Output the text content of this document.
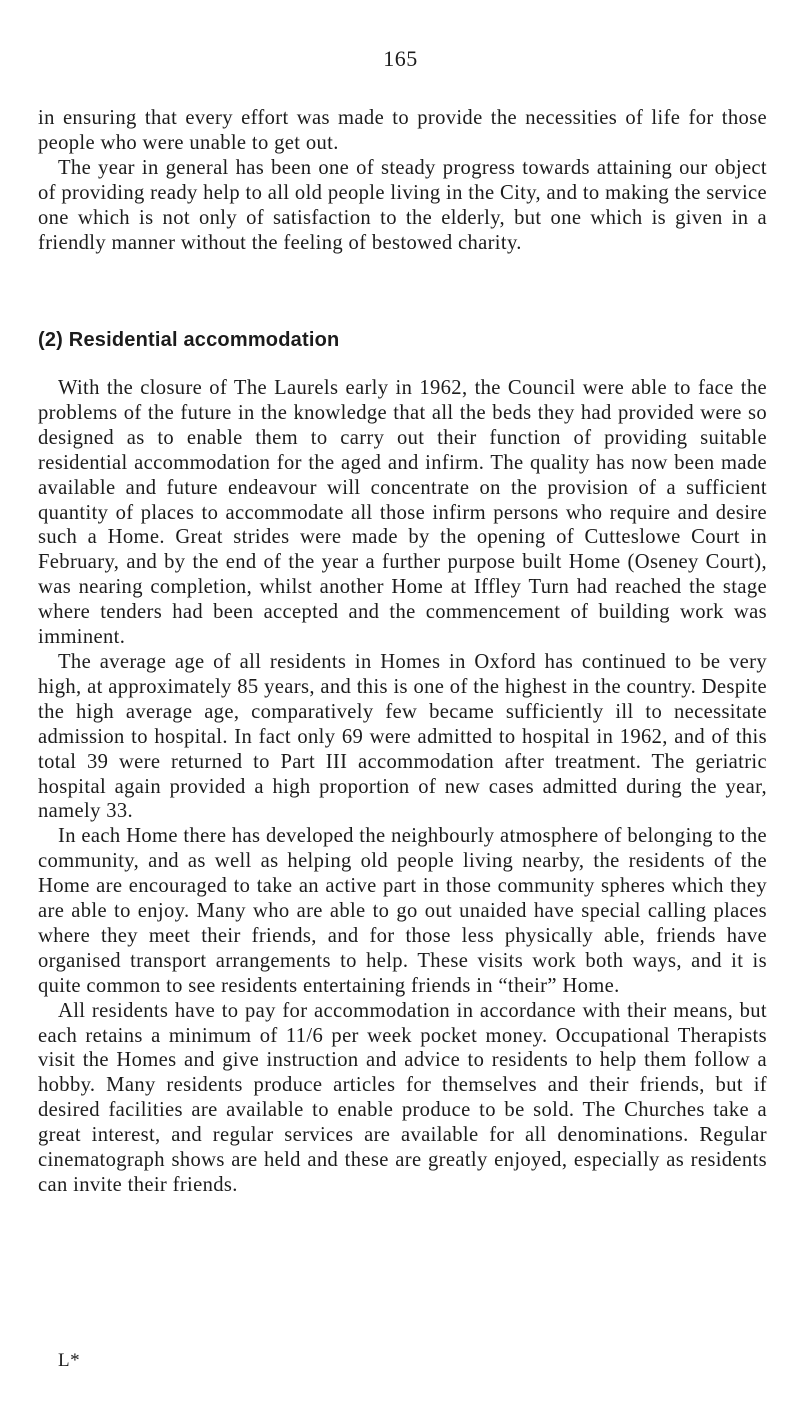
165

in ensuring that every effort was made to provide the necessities of life for those people who were unable to get out.

The year in general has been one of steady progress towards attaining our object of providing ready help to all old people living in the City, and to making the service one which is not only of satisfaction to the elderly, but one which is given in a friendly manner without the feeling of bestowed charity.

(2) Residential accommodation

With the closure of The Laurels early in 1962, the Council were able to face the problems of the future in the knowledge that all the beds they had provided were so designed as to enable them to carry out their function of providing suitable residential accommodation for the aged and infirm. The quality has now been made available and future endeavour will concentrate on the provision of a sufficient quantity of places to accommodate all those infirm persons who require and desire such a Home. Great strides were made by the opening of Cutteslowe Court in February, and by the end of the year a further purpose built Home (Oseney Court), was nearing completion, whilst another Home at Iffley Turn had reached the stage where tenders had been accepted and the commencement of building work was imminent.

The average age of all residents in Homes in Oxford has continued to be very high, at approximately 85 years, and this is one of the highest in the country. Despite the high average age, comparatively few became sufficiently ill to necessitate admission to hospital. In fact only 69 were admitted to hospital in 1962, and of this total 39 were returned to Part III accommodation after treatment. The geriatric hospital again provided a high proportion of new cases admitted during the year, namely 33.

In each Home there has developed the neighbourly atmosphere of belonging to the community, and as well as helping old people living nearby, the residents of the Home are encouraged to take an active part in those community spheres which they are able to enjoy. Many who are able to go out unaided have special calling places where they meet their friends, and for those less physically able, friends have organised transport arrangements to help. These visits work both ways, and it is quite common to see residents entertaining friends in “their” Home.

All residents have to pay for accommodation in accordance with their means, but each retains a minimum of 11/6 per week pocket money. Occupational Therapists visit the Homes and give instruction and advice to residents to help them follow a hobby. Many residents produce articles for themselves and their friends, but if desired facilities are available to enable produce to be sold. The Churches take a great interest, and regular services are available for all denominations. Regular cinematograph shows are held and these are greatly enjoyed, especially as residents can invite their friends.

L*
